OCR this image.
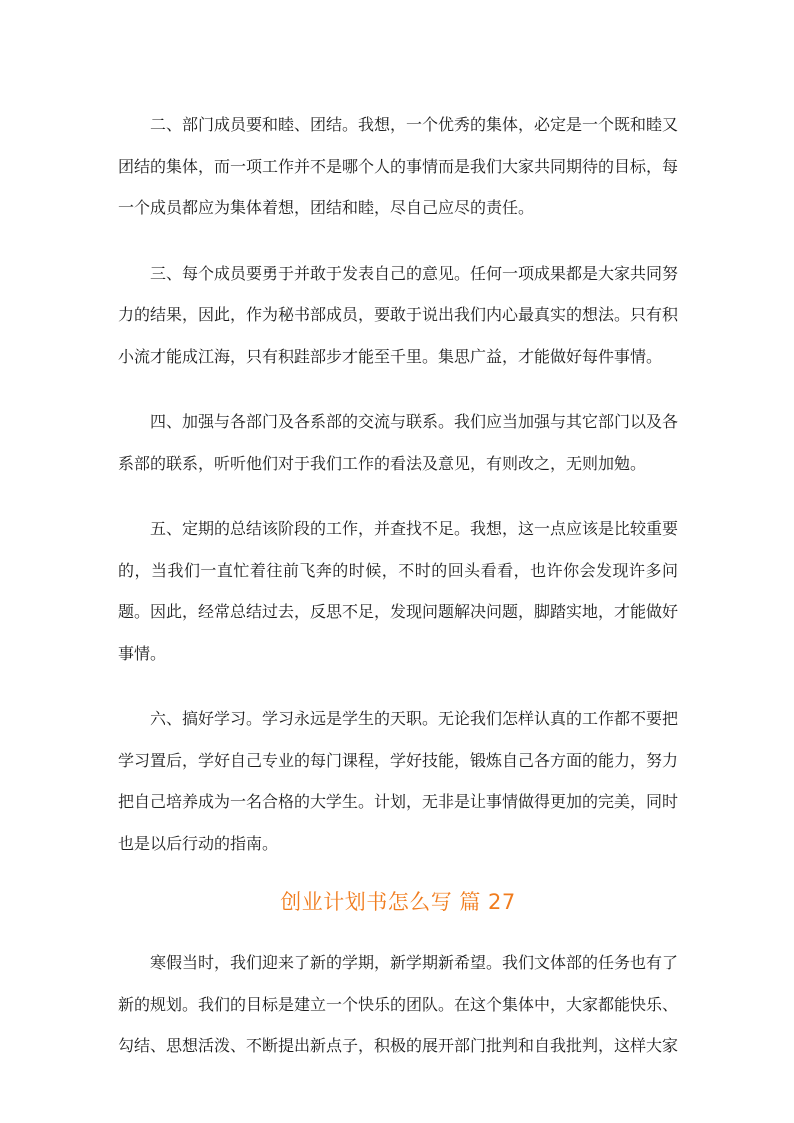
二、部门成员要和睦、团结。我想，一个优秀的集体，必定是一个既和睦又团结的集体，而一项工作并不是哪个人的事情而是我们大家共同期待的目标，每一个成员都应为集体着想，团结和睦，尽自己应尽的责任。

三、每个成员要勇于并敢于发表自己的意见。任何一项成果都是大家共同努力的结果，因此，作为秘书部成员，要敢于说出我们内心最真实的想法。只有积小流才能成江海，只有积跬部步才能至千里。集思广益，才能做好每件事情。

四、加强与各部门及各系部的交流与联系。我们应当加强与其它部门以及各系部的联系，听听他们对于我们工作的看法及意见，有则改之，无则加勉。

五、定期的总结该阶段的工作，并查找不足。我想，这一点应该是比较重要的，当我们一直忙着往前飞奔的时候，不时的回头看看，也许你会发现许多问题。因此，经常总结过去，反思不足，发现问题解决问题，脚踏实地，才能做好事情。

六、搞好学习。学习永远是学生的天职。无论我们怎样认真的工作都不要把学习置后，学好自己专业的每门课程，学好技能，锻炼自己各方面的能力，努力把自己培养成为一名合格的大学生。计划，无非是让事情做得更加的完美，同时也是以后行动的指南。

创业计划书怎么写 篇 27

寒假当时，我们迎来了新的学期，新学期新希望。我们文体部的任务也有了新的规划。我们的目标是建立一个快乐的团队。在这个集体中，大家都能快乐、勾结、思想活泼、不断提出新点子，积极的展开部门批判和自我批判，这样大家
